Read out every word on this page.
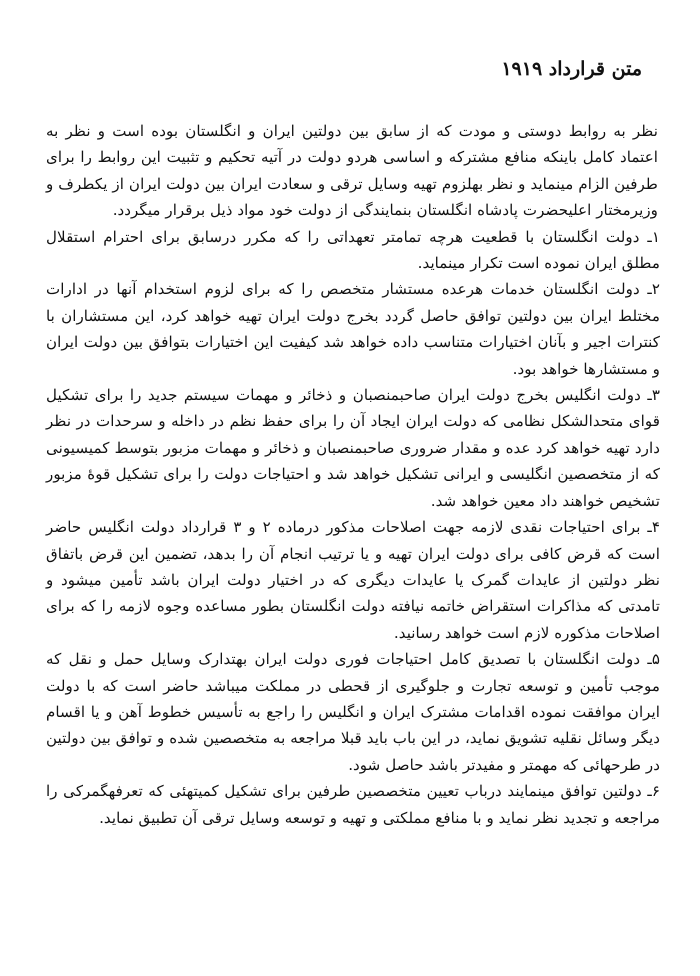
متن قرارداد ۱۹۱۹

نظر به روابط دوستی و مودت که از سابق بین دولتین ایران و انگلستان بوده است و نظر به اعتماد کامل باینکه منافع مشترکه و اساسی هردو دولت در آتیه تحکیم و تثبیت این روابط را برای طرفین الزام مینماید و نظر بهلزوم تهیه وسایل ترقی و سعادت ایران بین دولت ایران از یکطرف و وزیرمختار اعلیحضرت پادشاه انگلستان بنمایندگی از دولت خود مواد ذیل برقرار میگردد.

۱ـ دولت انگلستان با قطعیت هرچه تمامتر تعهداتی را که مکرر درسابق برای احترام استقلال مطلق ایران نموده است تکرار مینماید.

۲ـ دولت انگلستان خدمات هرعده مستشار متخصص را که برای لزوم استخدام آنها در ادارات مختلط ایران بین دولتین توافق حاصل گردد بخرج دولت ایران تهیه خواهد کرد، این مستشاران با کنترات اجیر و بآنان اختیارات متناسب داده خواهد شد کیفیت این اختیارات بتوافق بین دولت ایران و مستشارها خواهد بود.

۳ـ دولت انگلیس بخرج دولت ایران صاحبمنصبان و ذخائر و مهمات سیستم جدید را برای تشکیل قوای متحدالشکل نظامی که دولت ایران ایجاد آن را برای حفظ نظم در داخله و سرحدات در نظر دارد تهیه خواهد کرد عده و مقدار ضروری صاحبمنصبان و ذخائر و مهمات مزبور بتوسط کمیسیونی که از متخصصین انگلیسی و ایرانی تشکیل خواهد شد و احتیاجات دولت را برای تشکیل قوهٔ مزبور تشخیص خواهند داد معین خواهد شد.

۴ـ برای احتیاجات نقدی لازمه جهت اصلاحات مذکور درماده ۲ و ۳ قرارداد دولت انگلیس حاضر است که قرض کافی برای دولت ایران تهیه و یا ترتیب انجام آن را بدهد، تضمین این قرض باتفاق نظر دولتین از عایدات گمرک یا عایدات دیگری که در اختیار دولت ایران باشد تأمین میشود و تامدتی که مذاکرات استقراض خاتمه نیافته دولت انگلستان بطور مساعده وجوه لازمه را که برای اصلاحات مذکوره لازم است خواهد رسانید.

۵ـ دولت انگلستان با تصدیق کامل احتیاجات فوری دولت ایران بهتدارک وسایل حمل و نقل که موجب تأمین و توسعه تجارت و جلوگیری از قحطی در مملکت میباشد حاضر است که با دولت ایران موافقت نموده اقدامات مشترک ایران و انگلیس را راجع به تأسیس خطوط آهن و یا اقسام دیگر وسائل نقلیه تشویق نماید، در این باب باید قبلا مراجعه به متخصصین شده و توافق بین دولتین در طرحهائی که مهمتر و مفیدتر باشد حاصل شود.

۶ـ دولتین توافق مینمایند درباب تعیین متخصصین طرفین برای تشکیل کمیتهئی که تعرفهگمرکی را مراجعه و تجدید نظر نماید و با منافع مملکتی و تهیه و توسعه وسایل ترقی آن تطبیق نماید.
